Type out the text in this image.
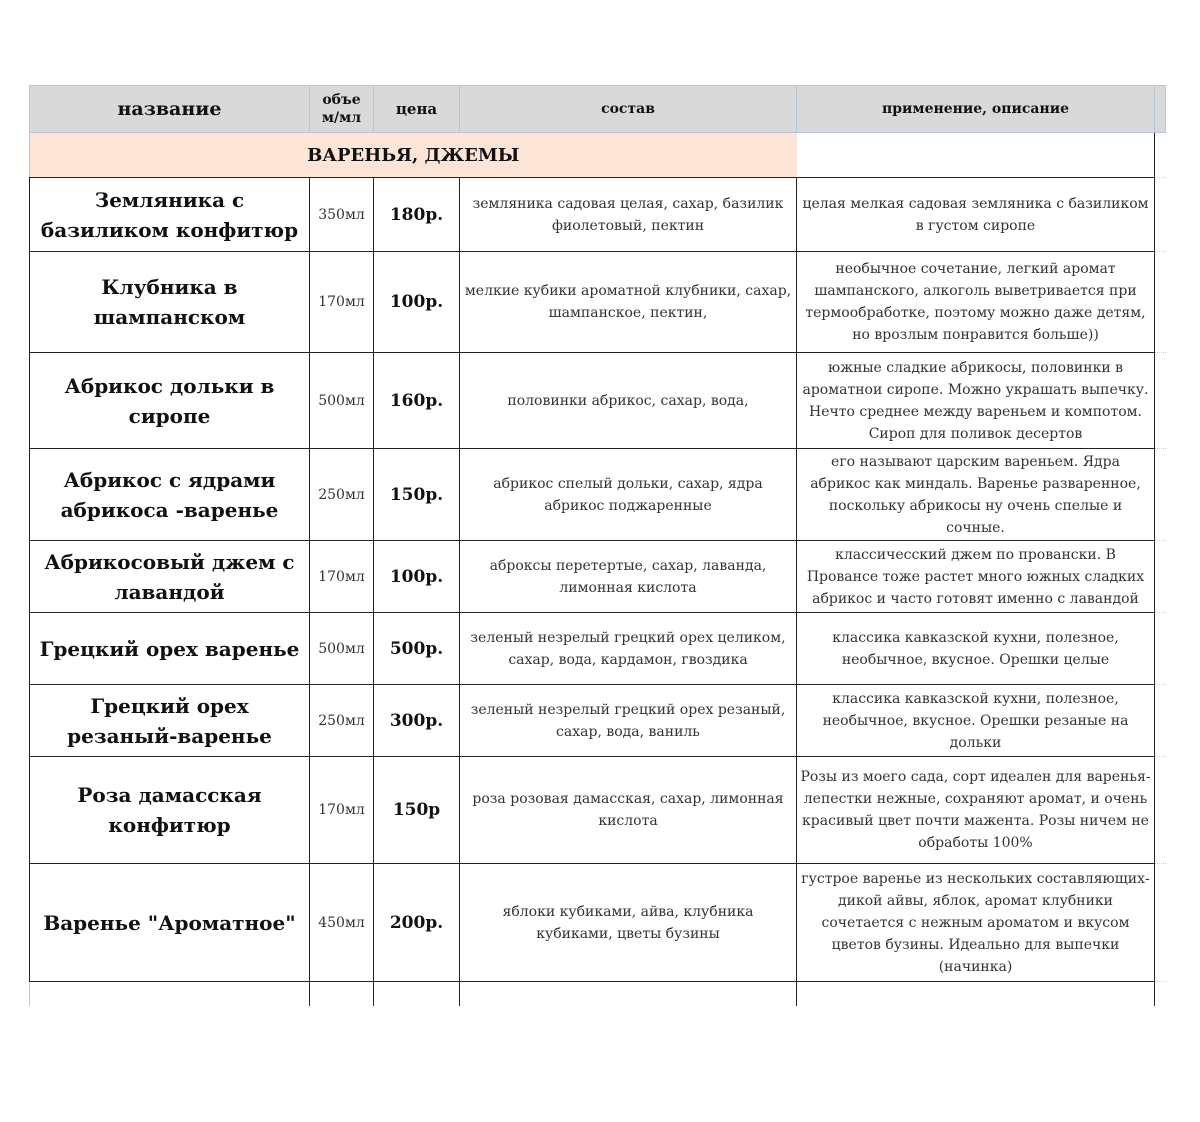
название	объе м/мл	цена	состав	применение, описание	
ВАРЕНЬЯ, ДЖЕМЫ					
Земляника с базиликом конфитюр	350мл	180р.	земляника садовая целая, сахар, базилик фиолетовый, пектин	целая мелкая садовая земляника с базиликом в густом сиропе	
Клубника в шампанском	170мл	100р.	мелкие кубики ароматной клубники, сахар, шампанское, пектин,	необычное сочетание, легкий аромат шампанского, алкоголь выветривается при термообработке, поэтому можно даже детям, но врозлым понравится больше))	
Абрикос дольки в сиропе	500мл	160р.	половинки абрикос, сахар, вода,	южные сладкие абрикосы, половинки в ароматнои сиропе. Можно украшать выпечку. Нечто среднее между вареньем и компотом. Сироп для поливок десертов	
Абрикос с ядрами абрикоса -варенье	250мл	150р.	абрикос спелый дольки, сахар, ядра абрикос поджаренные	его называют царским вареньем. Ядра абрикос как миндаль. Варенье разваренное, поскольку абрикосы ну очень спелые и сочные.	
Абрикосовый джем с лавандой	170мл	100р.	аброксы перетертые, сахар, лаванда, лимонная кислота	классичесский джем по провански. В Провансе тоже растет много южных сладких абрикос и часто готовят именно с лавандой	
Грецкий орех варенье	500мл	500р.	зеленый незрелый грецкий орех целиком, сахар, вода, кардамон, гвоздика	классика кавказской кухни, полезное, необычное, вкусное. Орешки целые	
Грецкий орех резаный-варенье	250мл	300р.	зеленый незрелый грецкий орех резаный, сахар, вода, ваниль	классика кавказской кухни, полезное, необычное, вкусное. Орешки резаные на дольки	
Роза дамасская конфитюр	170мл	150р	роза розовая дамасская, сахар, лимонная кислота	Розы из моего сада, сорт идеален для варенья- лепестки нежные, сохраняют аромат, и очень красивый цвет почти мажента. Розы ничем не обработы 100%	
Варенье "Ароматное"	450мл	200р.	яблоки кубиками, айва, клубника кубиками, цветы бузины	густрое варенье из нескольких составляющих- дикой айвы, яблок, аромат клубники сочетается с нежным ароматом и вкусом цветов бузины. Идеально для выпечки (начинка)	
